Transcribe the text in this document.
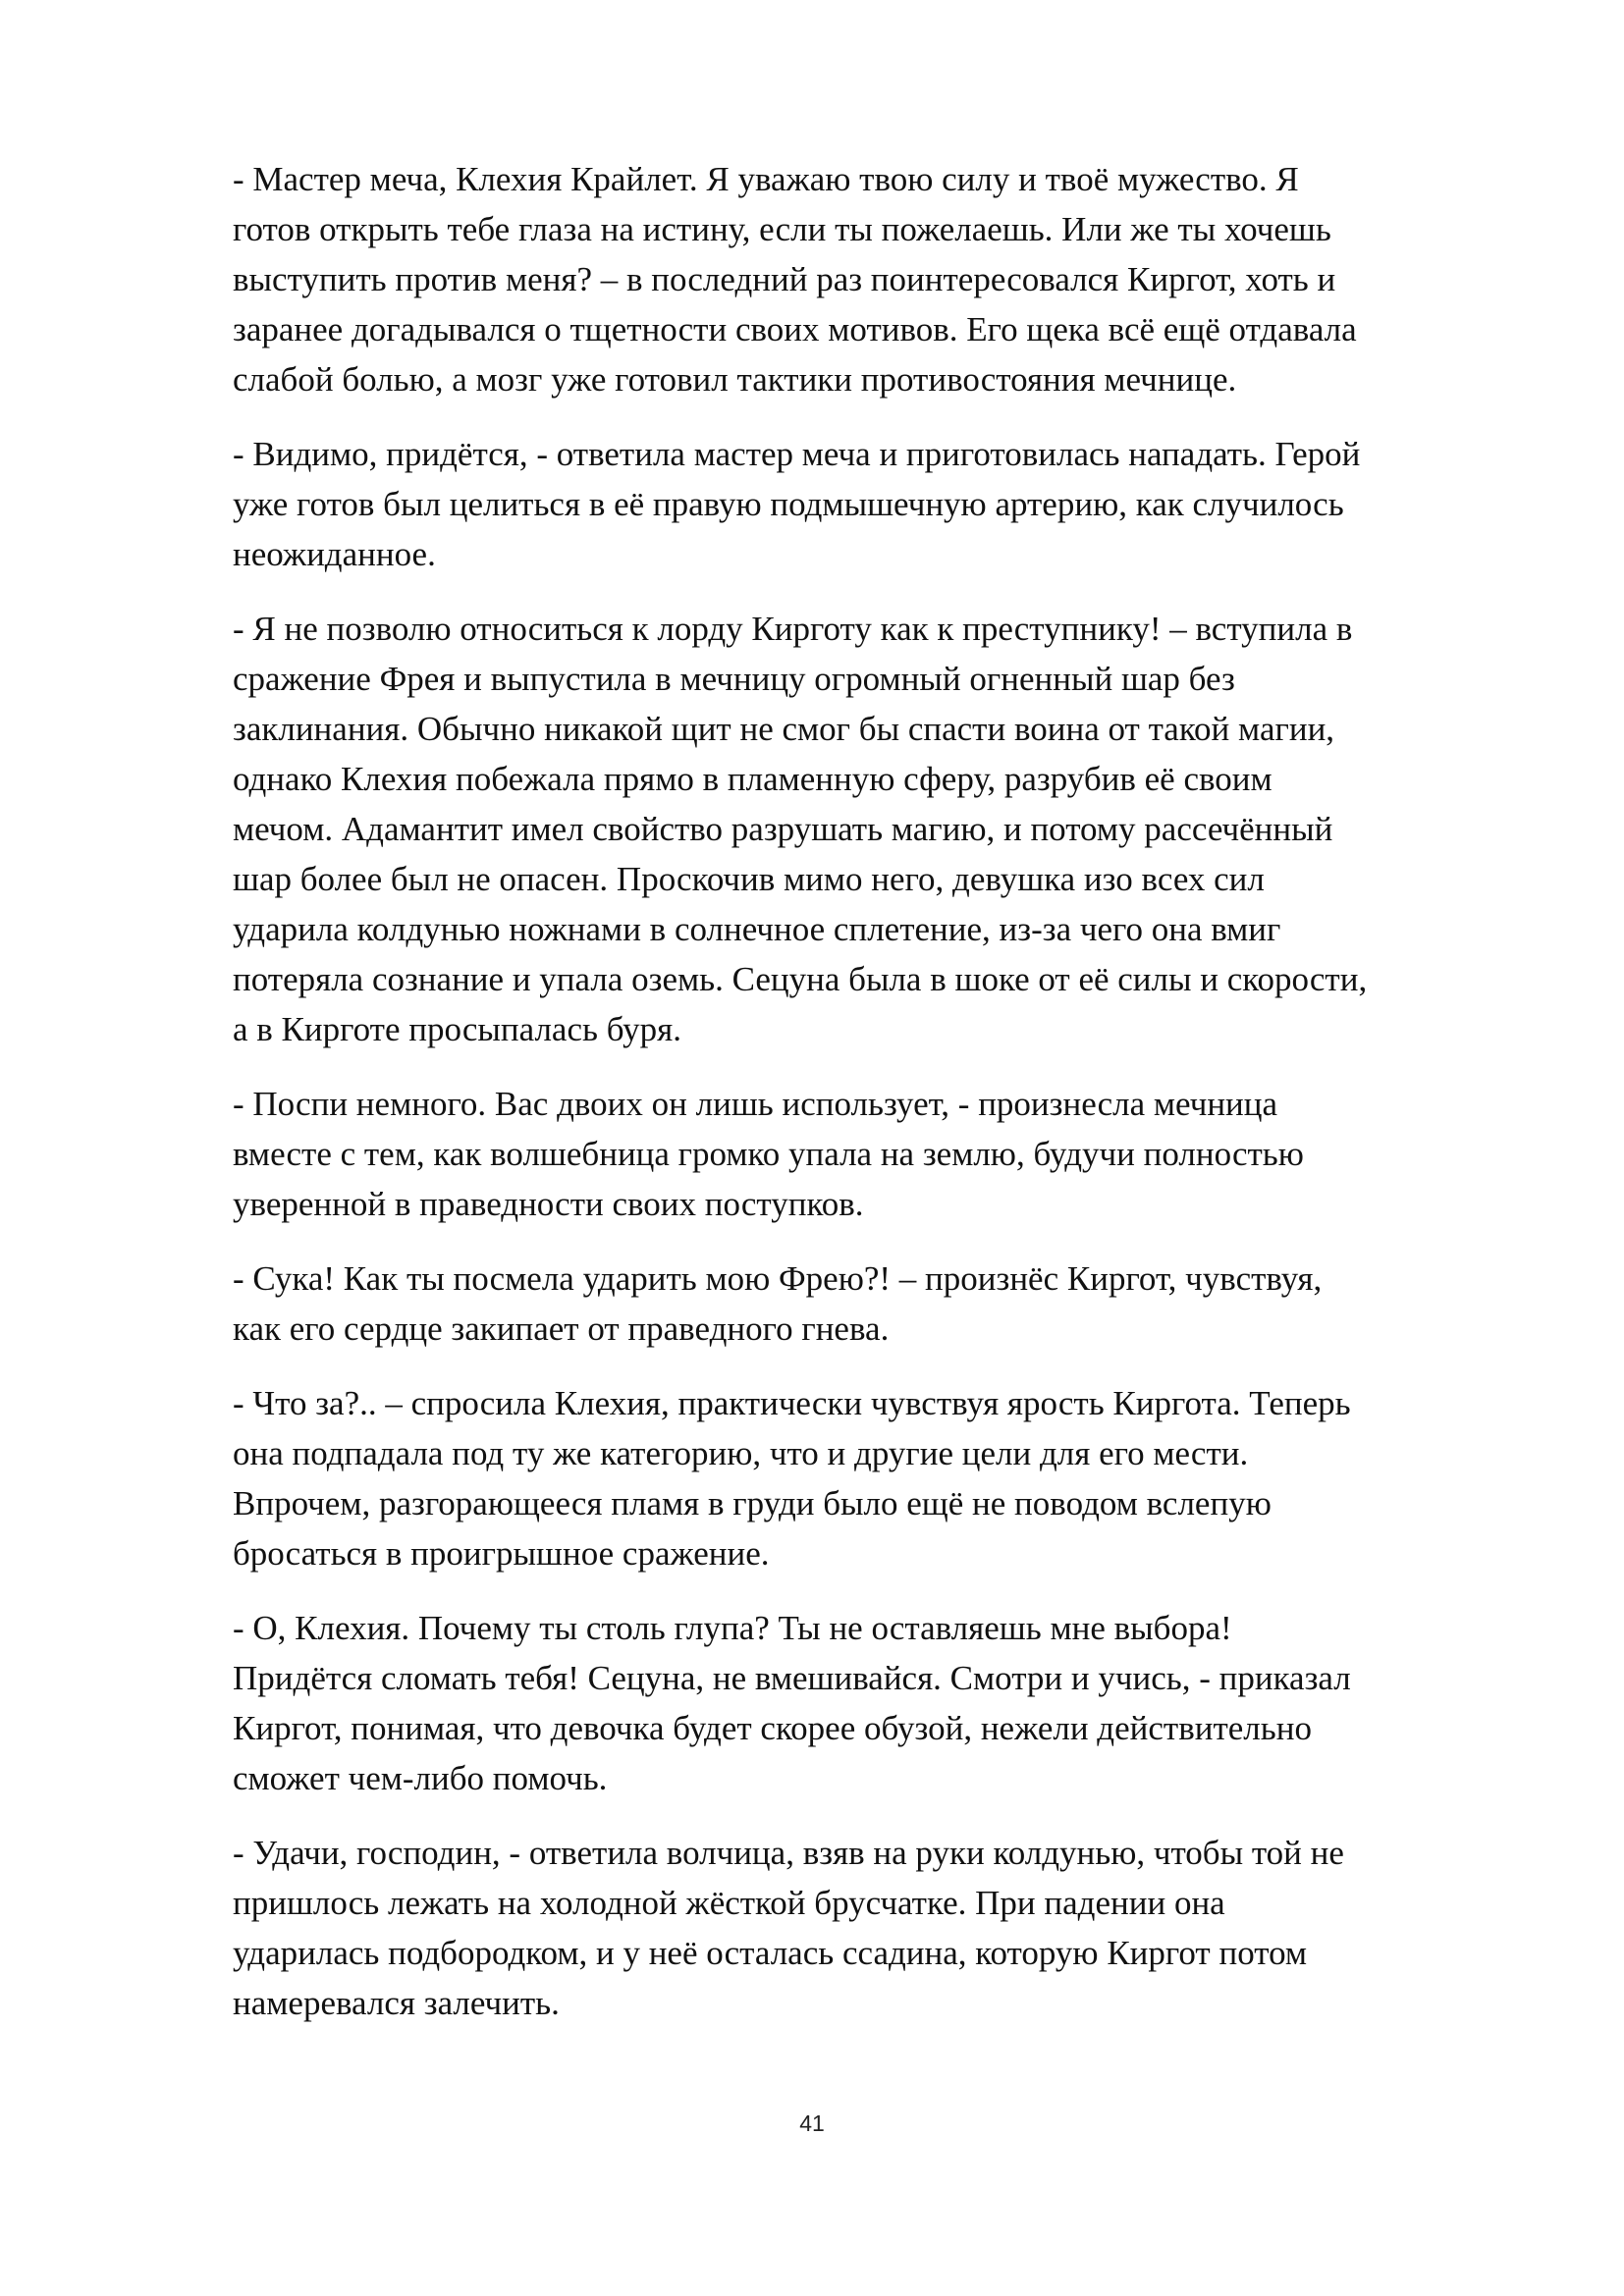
- Мастер меча, Клехия Крайлет. Я уважаю твою силу и твоё мужество. Я
готов открыть тебе глаза на истину, если ты пожелаешь. Или же ты хочешь
выступить против меня? – в последний раз поинтересовался Киргот, хоть и
заранее догадывался о тщетности своих мотивов. Его щека всё ещё отдавала
слабой болью, а мозг уже готовил тактики противостояния мечнице.

- Видимо, придётся, - ответила мастер меча и приготовилась нападать. Герой
уже готов был целиться в её правую подмышечную артерию, как случилось
неожиданное.

- Я не позволю относиться к лорду Кирготу как к преступнику! – вступила в
сражение Фрея и выпустила в мечницу огромный огненный шар без
заклинания. Обычно никакой щит не смог бы спасти воина от такой магии,
однако Клехия побежала прямо в пламенную сферу, разрубив её своим
мечом. Адамантит имел свойство разрушать магию, и потому рассечённый
шар более был не опасен. Проскочив мимо него, девушка изо всех сил
ударила колдунью ножнами в солнечное сплетение, из-за чего она вмиг
потеряла сознание и упала оземь. Сецуна была в шоке от её силы и скорости,
а в Кирготе просыпалась буря.

- Поспи немного. Вас двоих он лишь использует, - произнесла мечница
вместе с тем, как волшебница громко упала на землю, будучи полностью
уверенной в праведности своих поступков.

- Сука! Как ты посмела ударить мою Фрею?! – произнёс Киргот, чувствуя,
как его сердце закипает от праведного гнева.

- Что за?.. – спросила Клехия, практически чувствуя ярость Киргота. Теперь
она подпадала под ту же категорию, что и другие цели для его мести.
Впрочем, разгорающееся пламя в груди было ещё не поводом вслепую
бросаться в проигрышное сражение.

- О, Клехия. Почему ты столь глупа? Ты не оставляешь мне выбора!
Придётся сломать тебя! Сецуна, не вмешивайся. Смотри и учись, - приказал
Киргот, понимая, что девочка будет скорее обузой, нежели действительно
сможет чем-либо помочь.

- Удачи, господин, - ответила волчица, взяв на руки колдунью, чтобы той не
пришлось лежать на холодной жёсткой брусчатке. При падении она
ударилась подбородком, и у неё осталась ссадина, которую Киргот потом
намеревался залечить.

41
